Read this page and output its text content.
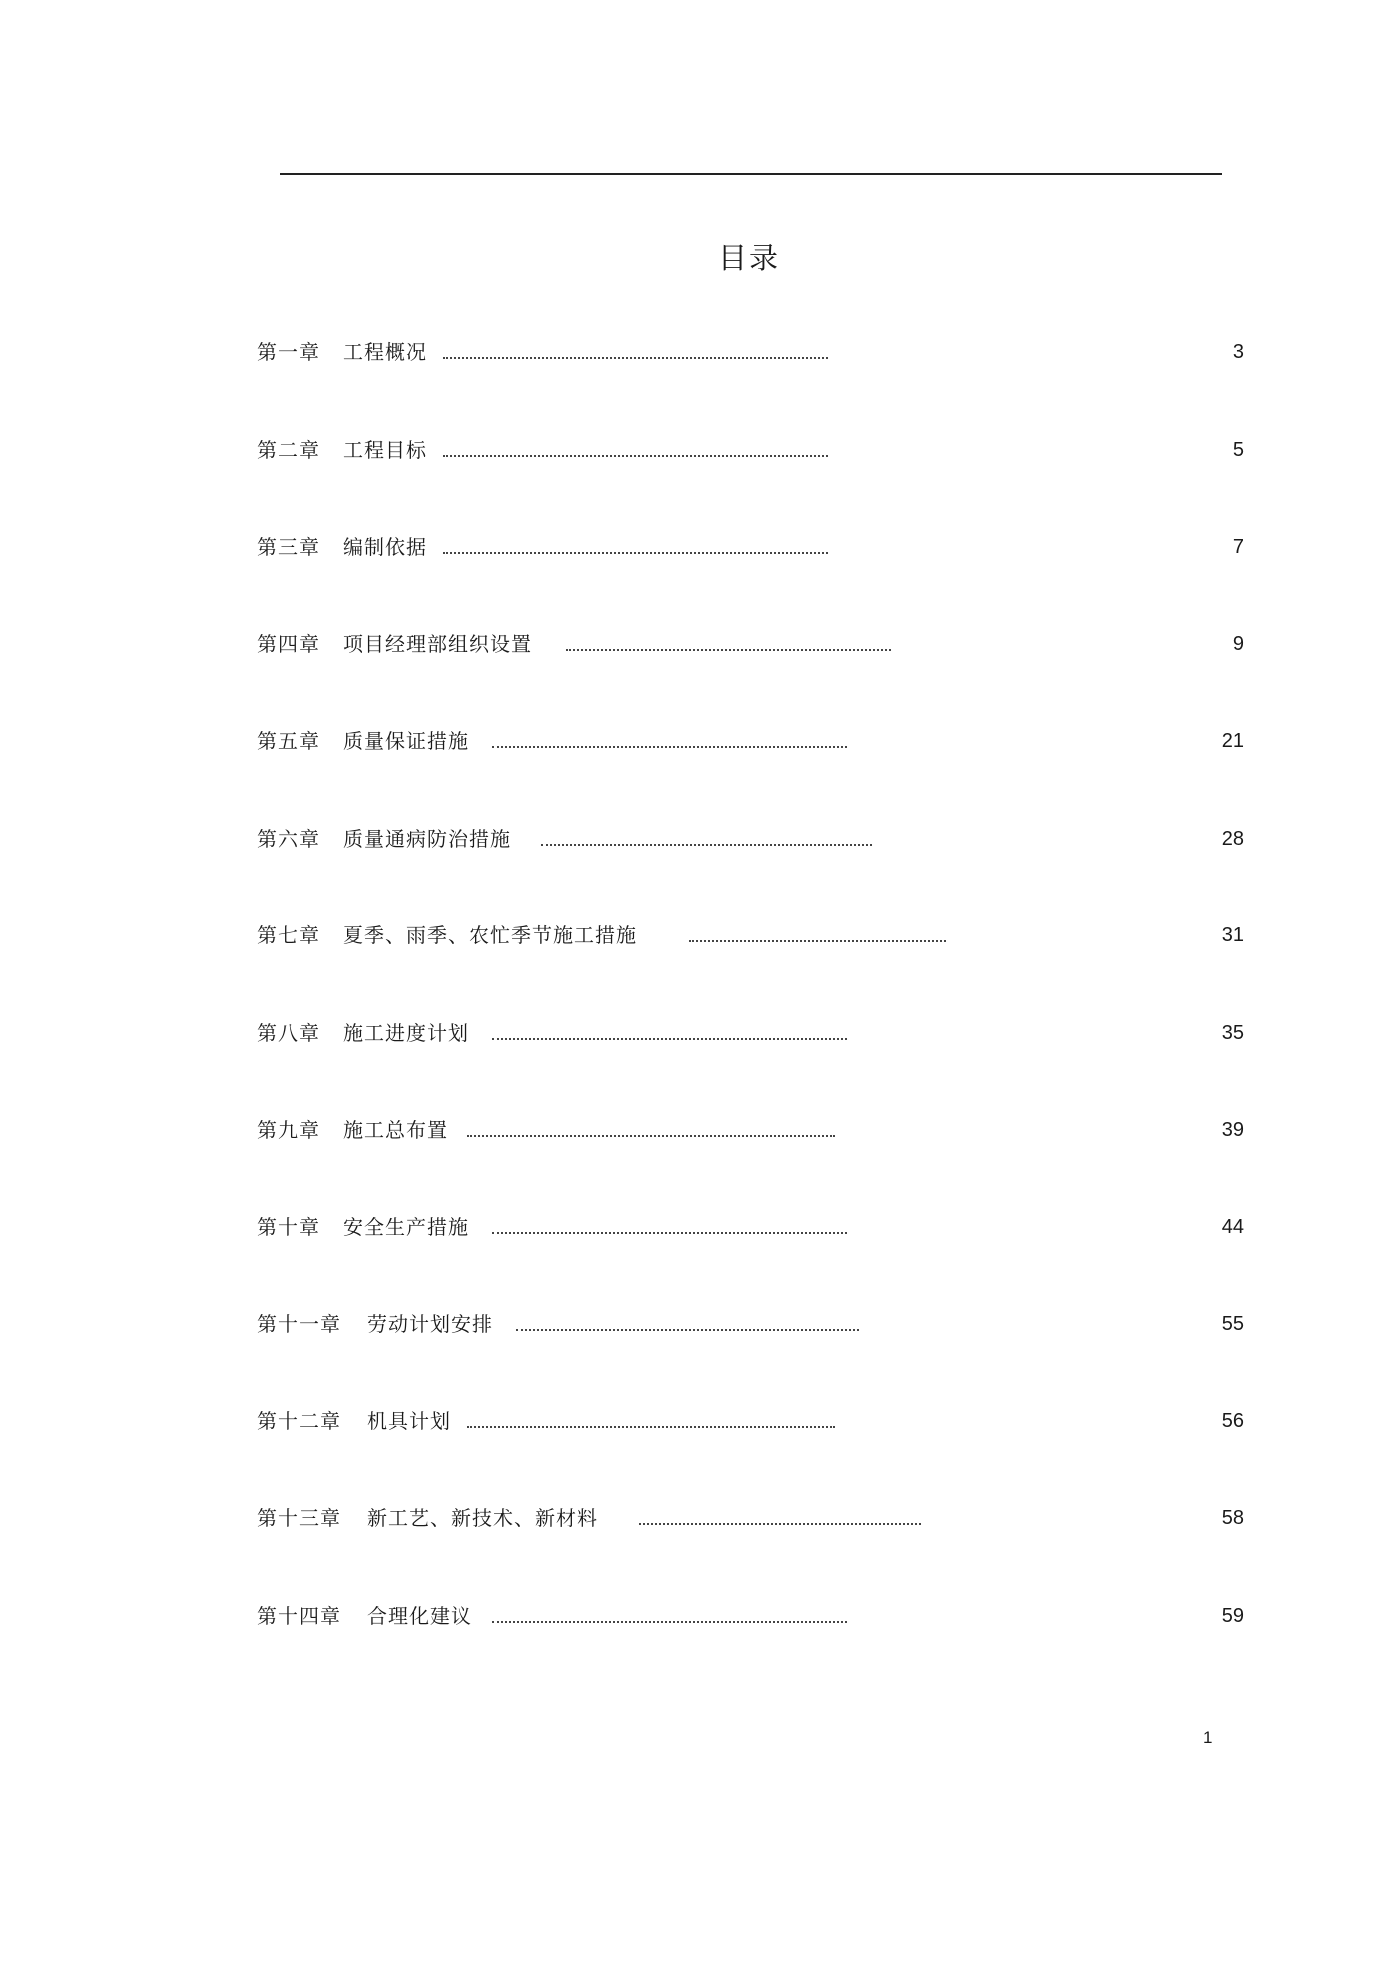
目录
第一章 工程概况	3
第二章 工程目标	5
第三章 编制依据	7
第四章 项目经理部组织设置	9
第五章 质量保证措施	21
第六章 质量通病防治措施	28
第七章 夏季、雨季、农忙季节施工措施	31
第八章 施工进度计划	35
第九章 施工总布置	39
第十章 安全生产措施	44
第十一章 劳动计划安排	55
第十二章 机具计划	56
第十三章 新工艺、新技术、新材料	58
第十四章 合理化建议	59
1
